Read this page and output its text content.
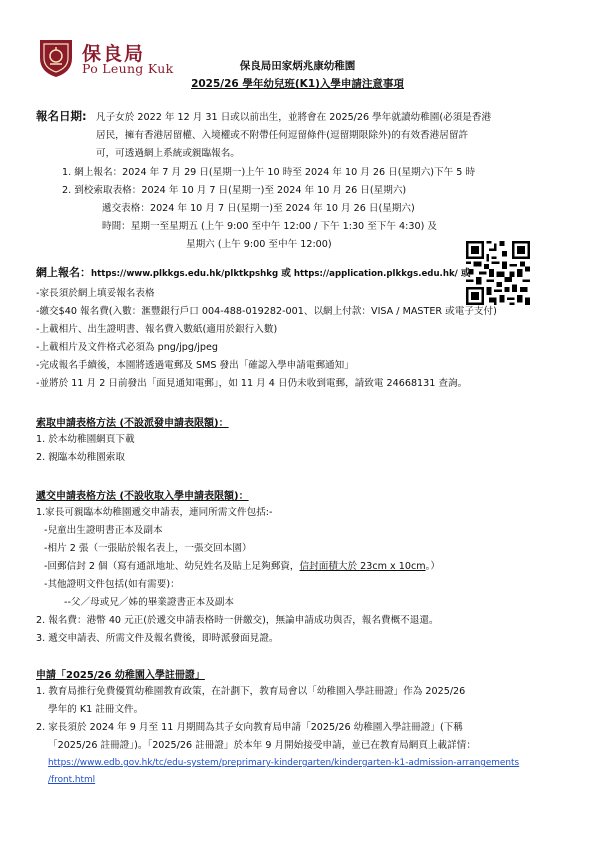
保良局
Po Leung Kuk	保良局田家炳兆康幼稚園
2025/26 學年幼兒班(K1)入學申請注意事項
報名日期: 凡子女於 2022 年 12 月 31 日或以前出生，並將會在 2025/26 學年就讀幼稚園(必須是香港
居民，擁有香港居留權、入境權或不附帶任何逗留條件(逗留期限除外)的有效香港居留許
可，可透過網上系統或親臨報名。
1. 網上報名：2024 年 7 月 29 日(星期一)上午 10 時至 2024 年 10 月 26 日(星期六)下午 5 時
2. 到校索取表格：2024 年 10 月 7 日(星期一)至 2024 年 10 月 26 日(星期六)
遞交表格：2024 年 10 月 7 日(星期一)至 2024 年 10 月 26 日(星期六)
時間：星期一至星期五 (上午 9:00 至中午 12:00 / 下午 1:30 至下午 4:30) 及
星期六 (上午 9:00 至中午 12:00)
網上報名：https://www.plkkgs.edu.hk/plktkpshkg 或 https://application.plkkgs.edu.hk/ 或
-家長須於網上填妥報名表格
-繳交$40 報名費(入數：滙豐銀行戶口 004-488-019282-001、以網上付款：VISA / MASTER 或電子支付)
-上載相片、出生證明書、報名費入數紙(適用於銀行入數)
-上載相片及文件格式必須為 png/jpg/jpeg
-完成報名手續後，本園將透過電郵及 SMS 發出「確認入學申請電郵通知」
-並將於 11 月 2 日前發出「面見通知電郵」，如 11 月 4 日仍未收到電郵，請致電 24668131 查詢。
索取申請表格方法 (不設派發申請表限額)：
1. 於本幼稚園網頁下載
2. 親臨本幼稚園索取
遞交申請表格方法 (不設收取入學申請表限額)：
1.家長可親臨本幼稚園遞交申請表，連同所需文件包括:-
-兒童出生證明書正本及副本
-相片 2 張（一張貼於報名表上，一張交回本園）
-回郵信封 2 個（寫有通訊地址、幼兒姓名及貼上足夠郵資，信封面積大於 23cm x 10cm。）
-其他證明文件包括(如有需要)：
--父／母或兄／姊的畢業證書正本及副本
2. 報名費：港幣 40 元正(於遞交申請表格時一併繳交)，無論申請成功與否，報名費概不退還。
3. 遞交申請表、所需文件及報名費後，即時派發面見證。
申請「2025/26 幼稚園入學註冊證」
1. 教育局推行免費優質幼稚園教育政策，在計劃下，教育局會以「幼稚園入學註冊證」作為 2025/26
學年的 K1 註冊文件。
2. 家長須於 2024 年 9 月至 11 月期間為其子女向教育局申請「2025/26 幼稚園入學註冊證」(下稱
「2025/26 註冊證」)。「2025/26 註冊證」於本年 9 月開始接受申請，並已在教育局網頁上載詳情：
https://www.edb.gov.hk/tc/edu-system/preprimary-kindergarten/kindergarten-k1-admission-arrangements
/front.html
